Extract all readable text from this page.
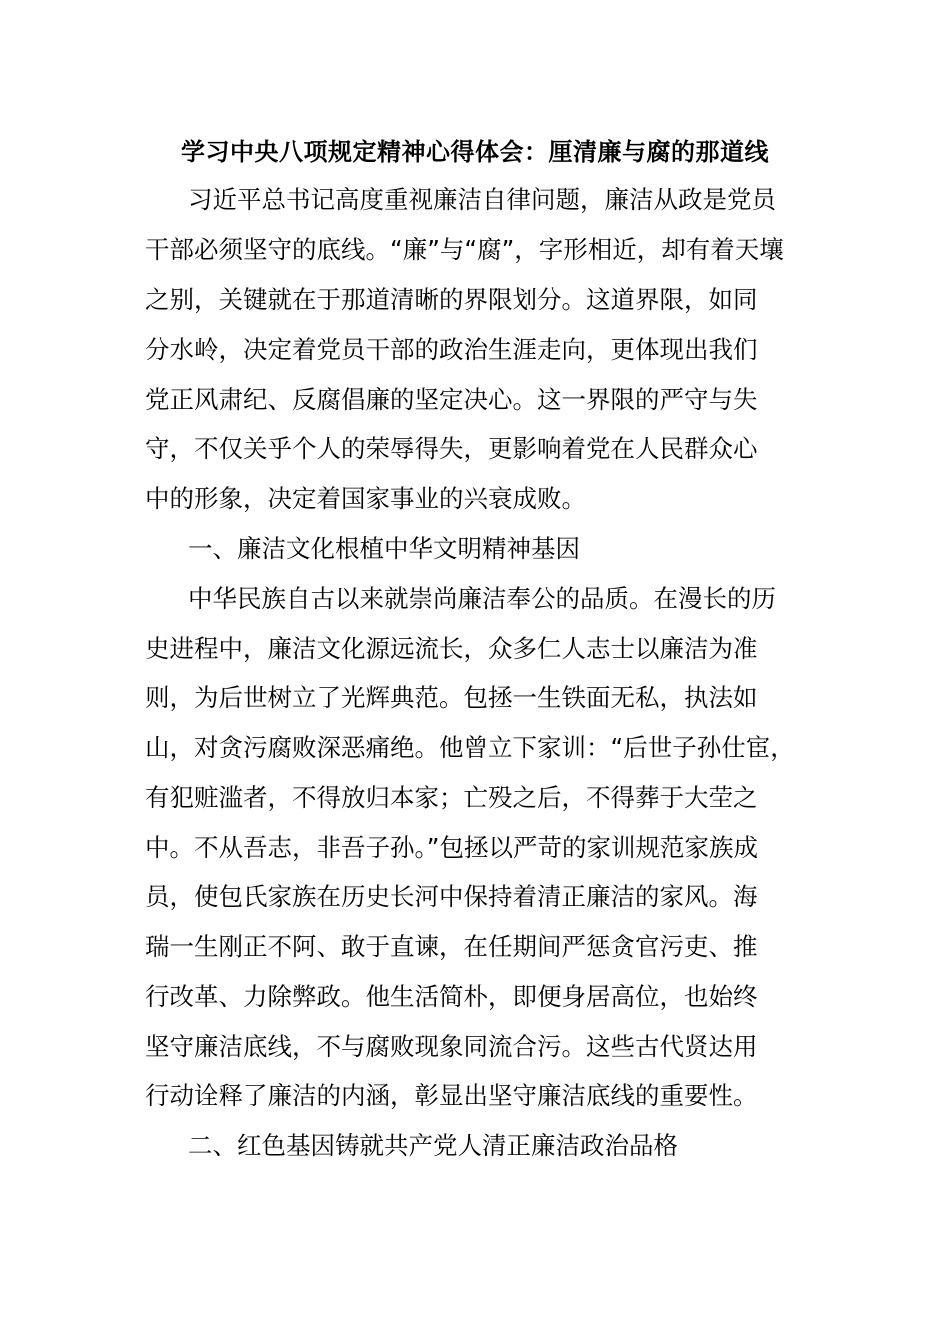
学习中央八项规定精神心得体会：厘清廉与腐的那道线
习近平总书记高度重视廉洁自律问题，廉洁从政是党员
干部必须坚守的底线。“廉”与“腐”，字形相近，却有着天壤
之别，关键就在于那道清晰的界限划分。这道界限，如同
分水岭，决定着党员干部的政治生涯走向，更体现出我们
党正风肃纪、反腐倡廉的坚定决心。这一界限的严守与失
守，不仅关乎个人的荣辱得失，更影响着党在人民群众心
中的形象，决定着国家事业的兴衰成败。
一、廉洁文化根植中华文明精神基因
中华民族自古以来就崇尚廉洁奉公的品质。在漫长的历
史进程中，廉洁文化源远流长，众多仁人志士以廉洁为准
则，为后世树立了光辉典范。包拯一生铁面无私，执法如
山，对贪污腐败深恶痛绝。他曾立下家训：“后世子孙仕宦，
有犯赃滥者，不得放归本家；亡殁之后，不得葬于大茔之
中。不从吾志，非吾子孙。”包拯以严苛的家训规范家族成
员，使包氏家族在历史长河中保持着清正廉洁的家风。海
瑞一生刚正不阿、敢于直谏，在任期间严惩贪官污吏、推
行改革、力除弊政。他生活简朴，即便身居高位，也始终
坚守廉洁底线，不与腐败现象同流合污。这些古代贤达用
行动诠释了廉洁的内涵，彰显出坚守廉洁底线的重要性。
二、红色基因铸就共产党人清正廉洁政治品格
